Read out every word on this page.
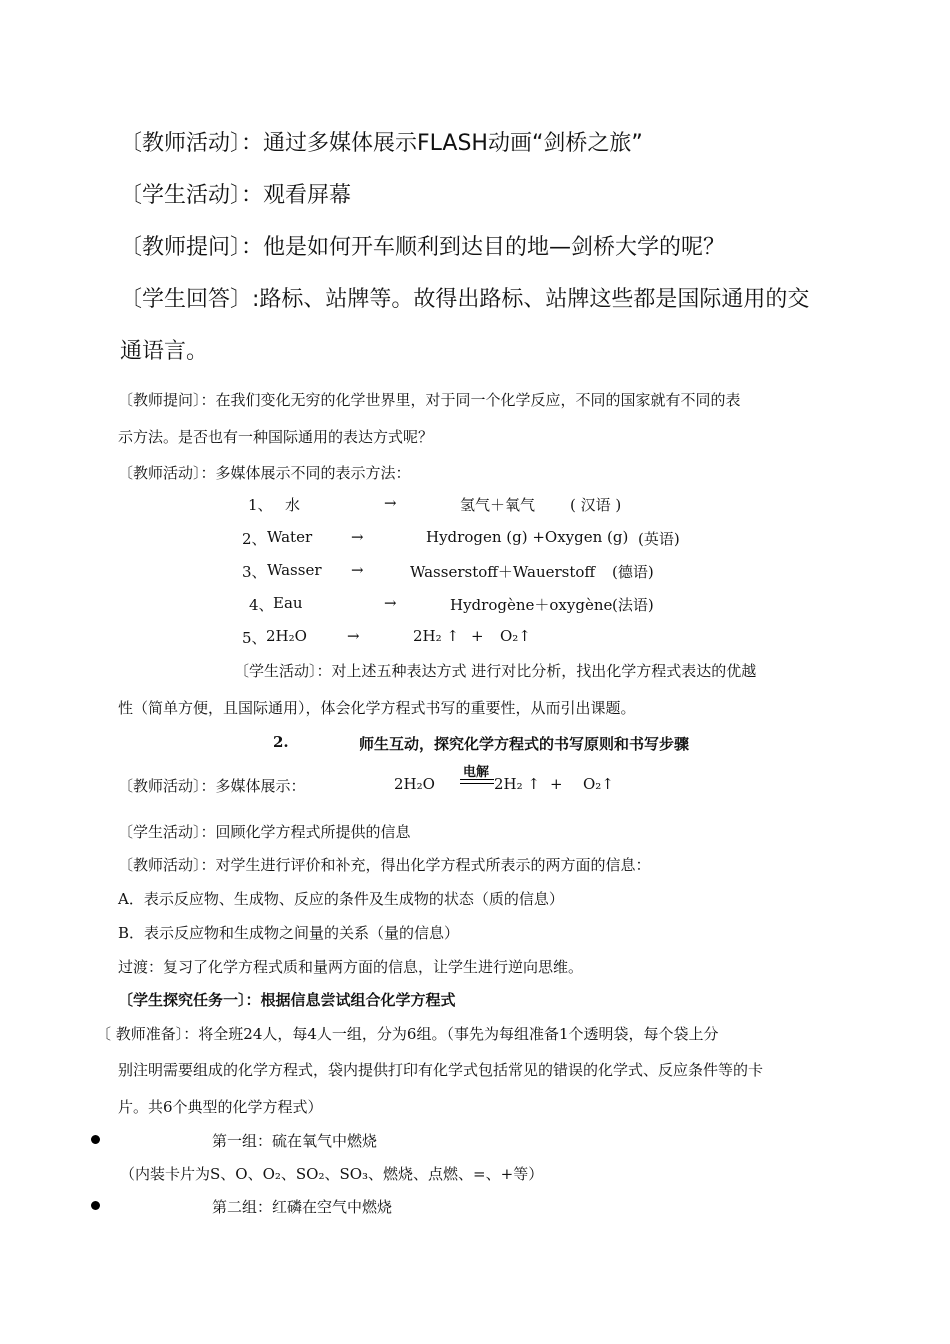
〔教师活动〕：通过多媒体展示FLASH动画“剑桥之旅”
〔学生活动〕：观看屏幕
〔教师提问〕：他是如何开车顺利到达目的地—剑桥大学的呢？
〔学生回答〕:路标、站牌等。故得出路标、站牌这些都是国际通用的交
通语言。
〔教师提问〕：在我们变化无穷的化学世界里，对于同一个化学反应，不同的国家就有不同的表
示方法。是否也有一种国际通用的表达方式呢？
〔教师活动〕：多媒体展示不同的表示方法：
1、 水	→	氢气＋氧气 ( 汉语 )
2、 Water	→	Hydrogen (g) +Oxygen (g) (英语)
3、 Wasser →	Wasserstoff＋Wauerstoff (德语)
4、 Eau	→	Hydrogène＋oxygène (法语)
5、 2H₂O	→	2H₂ ↑ + O₂↑
〔学生活动〕：对上述五种表达方式 进行对比分析，找出化学方程式表达的优越
性（简单方便，且国际通用），体会化学方程式书写的重要性，从而引出课题。
2.	师生互动，探究化学方程式的书写原则和书写步骤
〔教师活动〕：多媒体展示：	2H₂O
电解
2H₂ ↑ + O₂↑
〔学生活动〕：回顾化学方程式所提供的信息
〔教师活动〕：对学生进行评价和补充，得出化学方程式所表示的两方面的信息：
A．表示反应物、生成物、反应的条件及生成物的状态（质的信息）
B．表示反应物和生成物之间量的关系（量的信息）
过渡：复习了化学方程式质和量两方面的信息，让学生进行逆向思维。
〔学生探究任务一〕：根据信息尝试组合化学方程式
〔 教师准备〕：将全班24人，每4人一组，分为6组。（事先为每组准备1个透明袋，每个袋上分
别注明需要组成的化学方程式，袋内提供打印有化学式包括常见的错误的化学式、反应条件等的卡
片。共6个典型的化学方程式）
第一组：硫在氧气中燃烧
（内装卡片为S、O、O₂、SO₂、SO₃、燃烧、点燃、=、+等）
第二组：红磷在空气中燃烧
